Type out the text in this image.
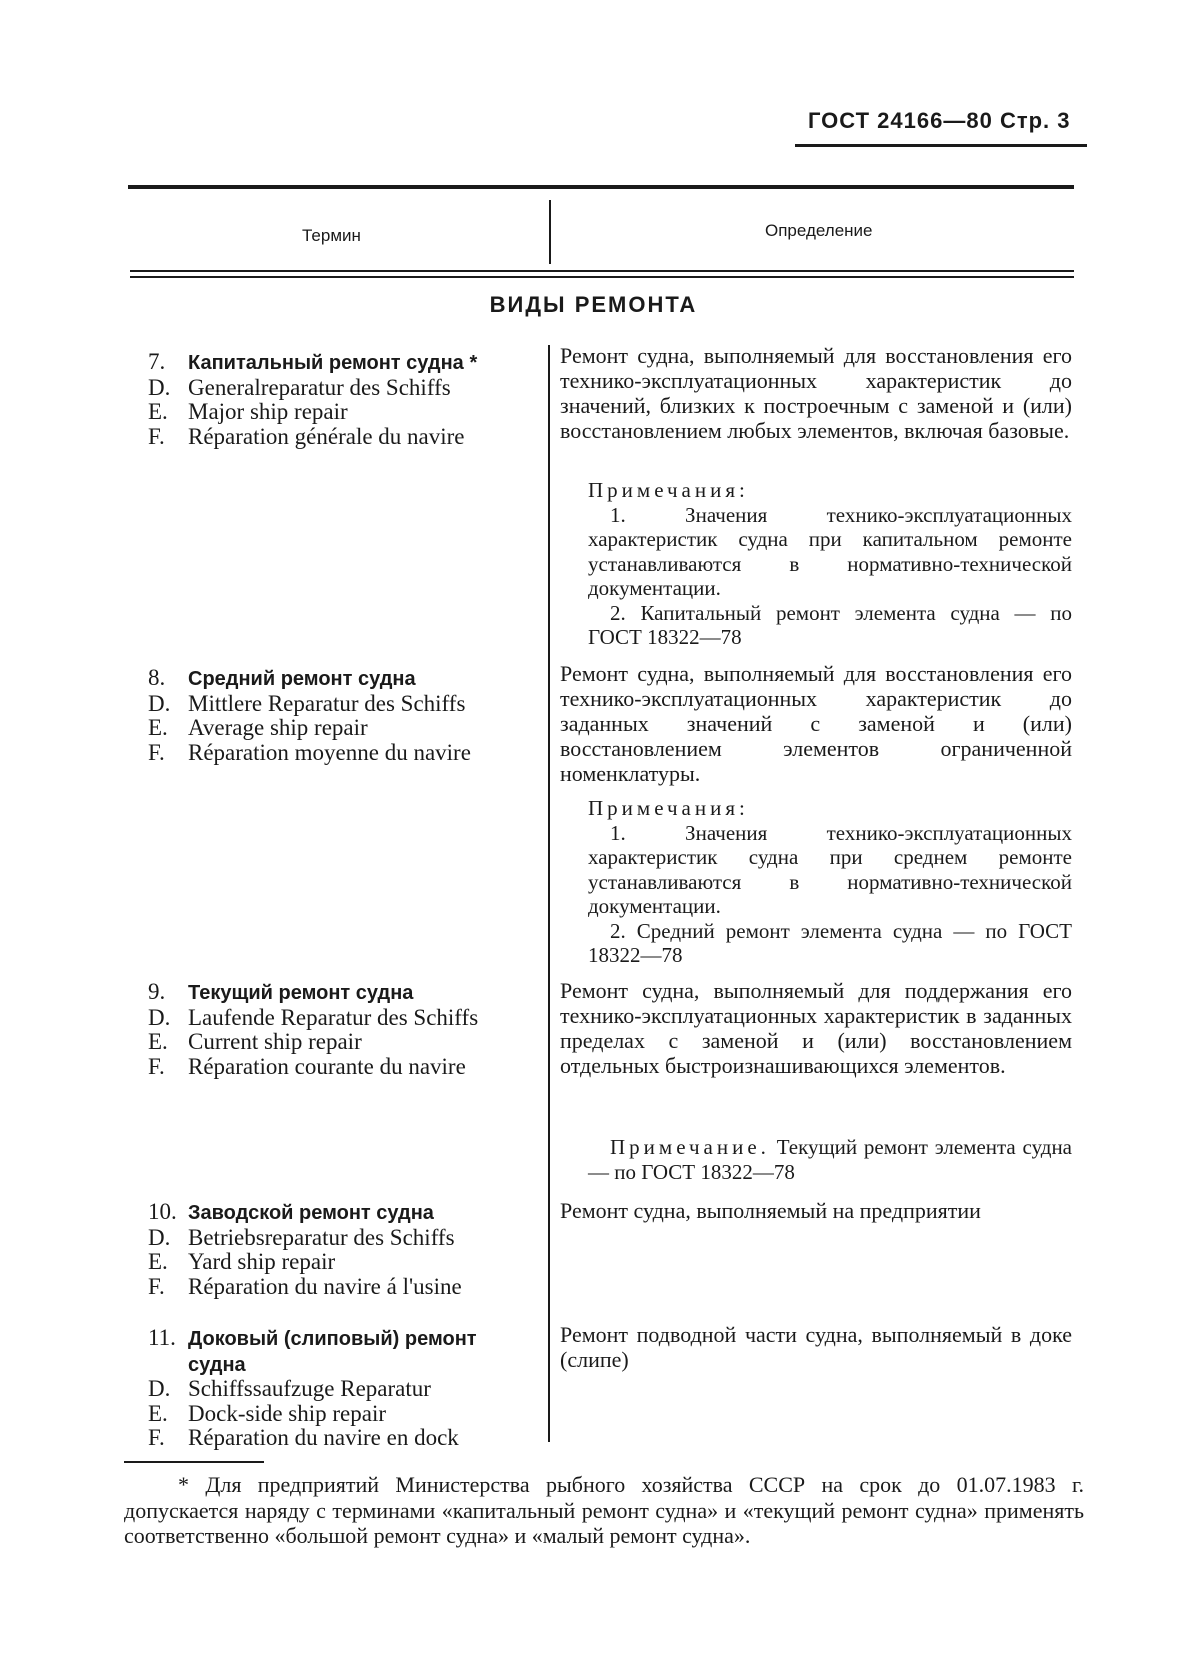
ГОСТ 24166—80 Стр. 3
Термин	Определение
ВИДЫ РЕМОНТА
7.	Капитальный ремонт судна *
D. Generalreparatur des Schiffs
E. Major ship repair
F.	Réparation générale du navire
Ремонт судна, выполняемый для восстановления его технико-эксплуатационных характеристик до значений, близких к построечным с заменой и (или) восстановлением любых элементов, включая базовые.
Примечания:
1. Значения технико-эксплуатационных характеристик судна при капитальном ремонте устанавливаются в нормативно-технической документации.
2. Капитальный ремонт элемента судна — по ГОСТ 18322—78
8.	Средний ремонт судна
D. Mittlere Reparatur des Schiffs
E. Average ship repair
F.	Réparation moyenne du navire
Ремонт судна, выполняемый для восстановления его технико-эксплуатационных характеристик до заданных значений с заменой и (или) восстановлением элементов ограниченной номенклатуры.
Примечания:
1. Значения технико-эксплуатационных характеристик судна при среднем ремонте устанавливаются в нормативно-технической документации.
2. Средний ремонт элемента судна — по ГОСТ 18322—78
9.	Текущий ремонт судна
D. Laufende Reparatur des Schiffs
E. Current ship repair
F.	Réparation courante du navire
Ремонт судна, выполняемый для поддержания его технико-эксплуатационных характеристик в заданных пределах с заменой и (или) восстановлением отдельных быстроизнашивающихся элементов.
Примечание. Текущий ремонт элемента судна — по ГОСТ 18322—78
10. Заводской ремонт судна
D. Betriebsreparatur des Schiffs
E. Yard ship repair
F.	Réparation du navire á l'usine
Ремонт судна, выполняемый на предприятии
11. Доковый (слиповый) ремонт судна
D. Schiffssaufzuge Reparatur
E. Dock-side ship repair
F.	Réparation du navire en dock
Ремонт подводной части судна, выполняемый в доке (слипе)
* Для предприятий Министерства рыбного хозяйства СССР на срок до 01.07.1983 г. допускается наряду с терминами «капитальный ремонт судна» и «текущий ремонт судна» применять соответственно «большой ремонт судна» и «малый ремонт судна».
